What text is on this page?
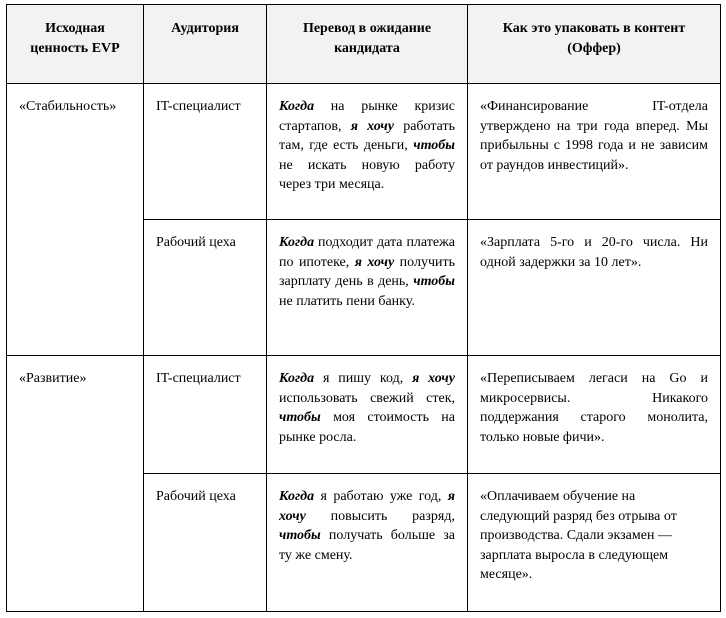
Исходная ценность EVP	Аудитория	Перевод в ожидание кандидата	Как это упаковать в контент (Оффер)

«Стабильность»	IT-специалист	Когда на рынке кризис стартапов, я хочу работать там, где есть деньги, чтобы не искать новую работу через три месяца.	«Финансирование IT-отдела утверждено на три года вперед. Мы прибыльны с 1998 года и не зависим от раундов инвестиций».

	Рабочий цеха	Когда подходит дата платежа по ипотеке, я хочу получить зарплату день в день, чтобы не платить пени банку.	«Зарплата 5-го и 20-го числа. Ни одной задержки за 10 лет».

«Развитие»	IT-специалист	Когда я пишу код, я хочу использовать свежий стек, чтобы моя стоимость на рынке росла.	«Переписываем легаси на Go и микросервисы. Никакого поддержания старого монолита, только новые фичи».

	Рабочий цеха	Когда я работаю уже год, я хочу повысить разряд, чтобы получать больше за ту же смену.	«Оплачиваем обучение на следующий разряд без отрыва от производства. Сдали экзамен — зарплата выросла в следующем месяце».
